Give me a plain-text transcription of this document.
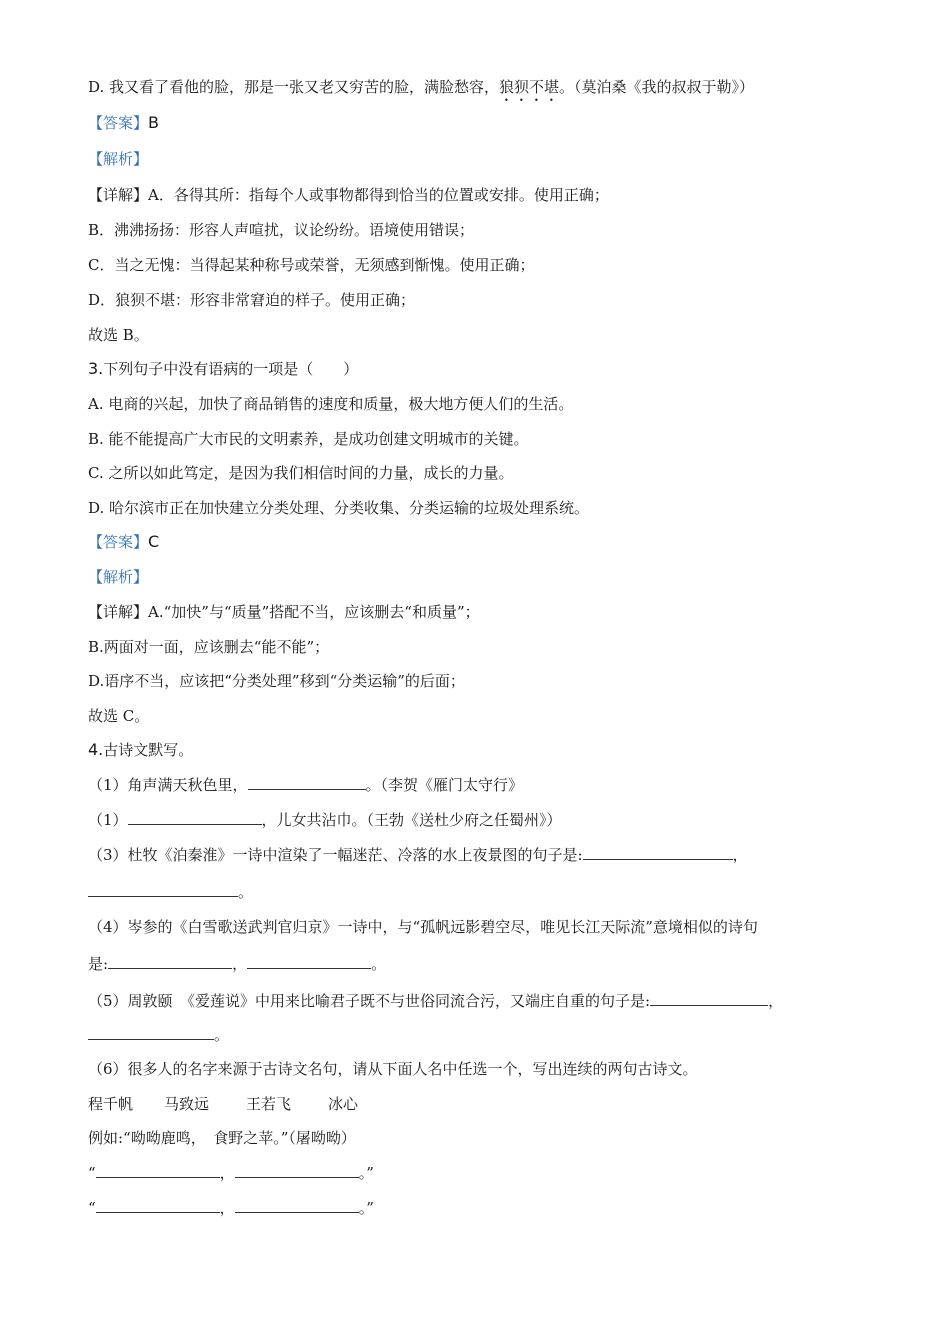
D. 我又看了看他的脸，那是一张又老又穷苦的脸，满脸愁容，狼狈不堪。（莫泊桑《我的叔叔于勒》）
【答案】B
【解析】
【详解】A．各得其所：指每个人或事物都得到恰当的位置或安排。使用正确；
B．沸沸扬扬：形容人声喧扰，议论纷纷。语境使用错误；
C．当之无愧：当得起某种称号或荣誉，无须感到惭愧。使用正确；
D．狼狈不堪：形容非常窘迫的样子。使用正确；
故选 B。
3.下列句子中没有语病的一项是（　　）
A. 电商的兴起，加快了商品销售的速度和质量，极大地方便人们的生活。
B. 能不能提高广大市民的文明素养，是成功创建文明城市的关键。
C. 之所以如此笃定，是因为我们相信时间的力量，成长的力量。
D. 哈尔滨市正在加快建立分类处理、分类收集、分类运输的垃圾处理系统。
【答案】C
【解析】
【详解】A.“加快”与“质量”搭配不当，应该删去“和质量”；
B.两面对一面，应该删去“能不能”；
D.语序不当，应该把“分类处理”移到“分类运输”的后面；
故选 C。
4.古诗文默写。
（1）角声满天秋色里，	。（李贺《雁门太守行》
（1）	，儿女共沾巾。（王勃《送杜少府之任蜀州》）
（3）杜牧《泊秦淮》一诗中渲染了一幅迷茫、冷落的水上夜景图的句子是:	，
。
（4）岑参的《白雪歌送武判官归京》一诗中，与“孤帆远影碧空尽，唯见长江天际流”意境相似的诗句
是:	，	。
（5）周敦颐　《爱莲说》中用来比喻君子既不与世俗同流合污，又端庄自重的句子是:	，
。
（6）很多人的名字来源于古诗文名句，请从下面人名中任选一个，写出连续的两句古诗文。
程千帆 马致远 王若飞 冰心
例如:“呦呦鹿鸣，　食野之苹。”（屠呦呦）
“	，	。”
“	，	。”
